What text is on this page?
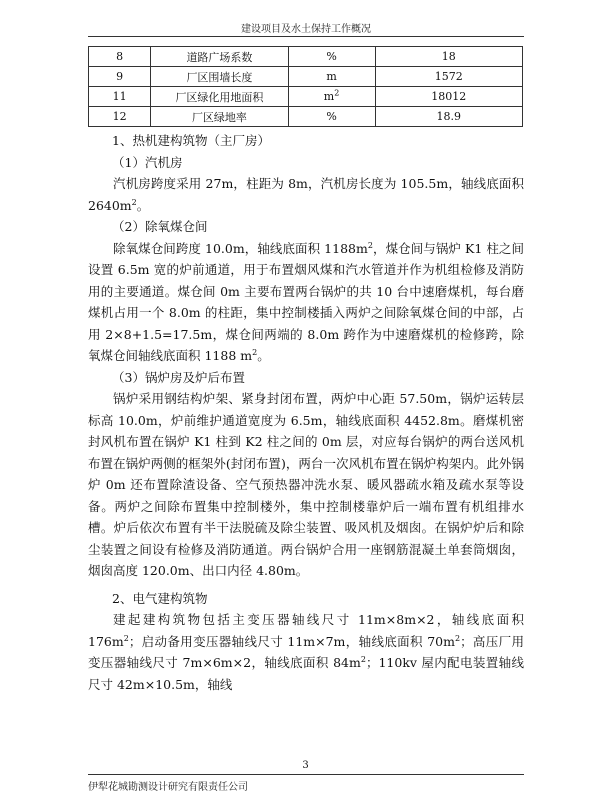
建设项目及水土保持工作概况
8	道路广场系数	%	18
9	厂区围墙长度	m	1572
11	厂区绿化用地面积	$m^2$	18012
12	厂区绿地率	%	18.9
1、热机建构筑物（主厂房）
（1）汽机房

汽机房跨度采用 27m，柱距为 8m，汽机房长度为 105.5m，轴线底面积 $2640m^2$。

（2）除氧煤仓间

除氧煤仓间跨度 10.0m，轴线底面积 $1188m^2$，煤仓间与锅炉 K1 柱之间设置 6.5m 宽的炉前通道，用于布置烟风煤和汽水管道并作为机组检修及消防用的主要通道。煤仓间 0m 主要布置两台锅炉的共 10 台中速磨煤机，每台磨煤机占用一个 8.0m 的柱距，集中控制楼插入两炉之间除氧煤仓间的中部，占用 2×8+1.5=17.5m，煤仓间两端的 8.0m 跨作为中速磨煤机的检修跨，除氧煤仓间轴线底面积 1188 $m^2$。

（3）锅炉房及炉后布置

锅炉采用钢结构炉架、紧身封闭布置，两炉中心距 57.50m，锅炉运转层标高 10.0m，炉前维护通道宽度为 6.5m，轴线底面积 4452.8m。磨煤机密封风机布置在锅炉 K1 柱到 K2 柱之间的 0m 层，对应每台锅炉的两台送风机布置在锅炉两侧的框架外(封闭布置)，两台一次风机布置在锅炉构架内。此外锅炉 0m 还布置除渣设备、空气预热器冲洗水泵、暖风器疏水箱及疏水泵等设备。两炉之间除布置集中控制楼外，集中控制楼靠炉后一端布置有机组排水槽。炉后依次布置有半干法脱硫及除尘装置、吸风机及烟囱。在锅炉炉后和除尘装置之间设有检修及消防通道。两台锅炉合用一座钢筋混凝土单套筒烟囱，烟囱高度 120.0m、出口内径 4.80m。

2、电气建构筑物

建起建构筑物包括主变压器轴线尺寸 11m×8m×2，轴线底面积 $176m^2$；启动备用变压器轴线尺寸 11m×7m，轴线底面积 $70m^2$；高压厂用变压器轴线尺寸 7m×6m×2，轴线底面积 $84m^2$；110kv 屋内配电装置轴线尺寸 42m×10.5m，轴线

3
伊犁花城勘测设计研究有限责任公司
